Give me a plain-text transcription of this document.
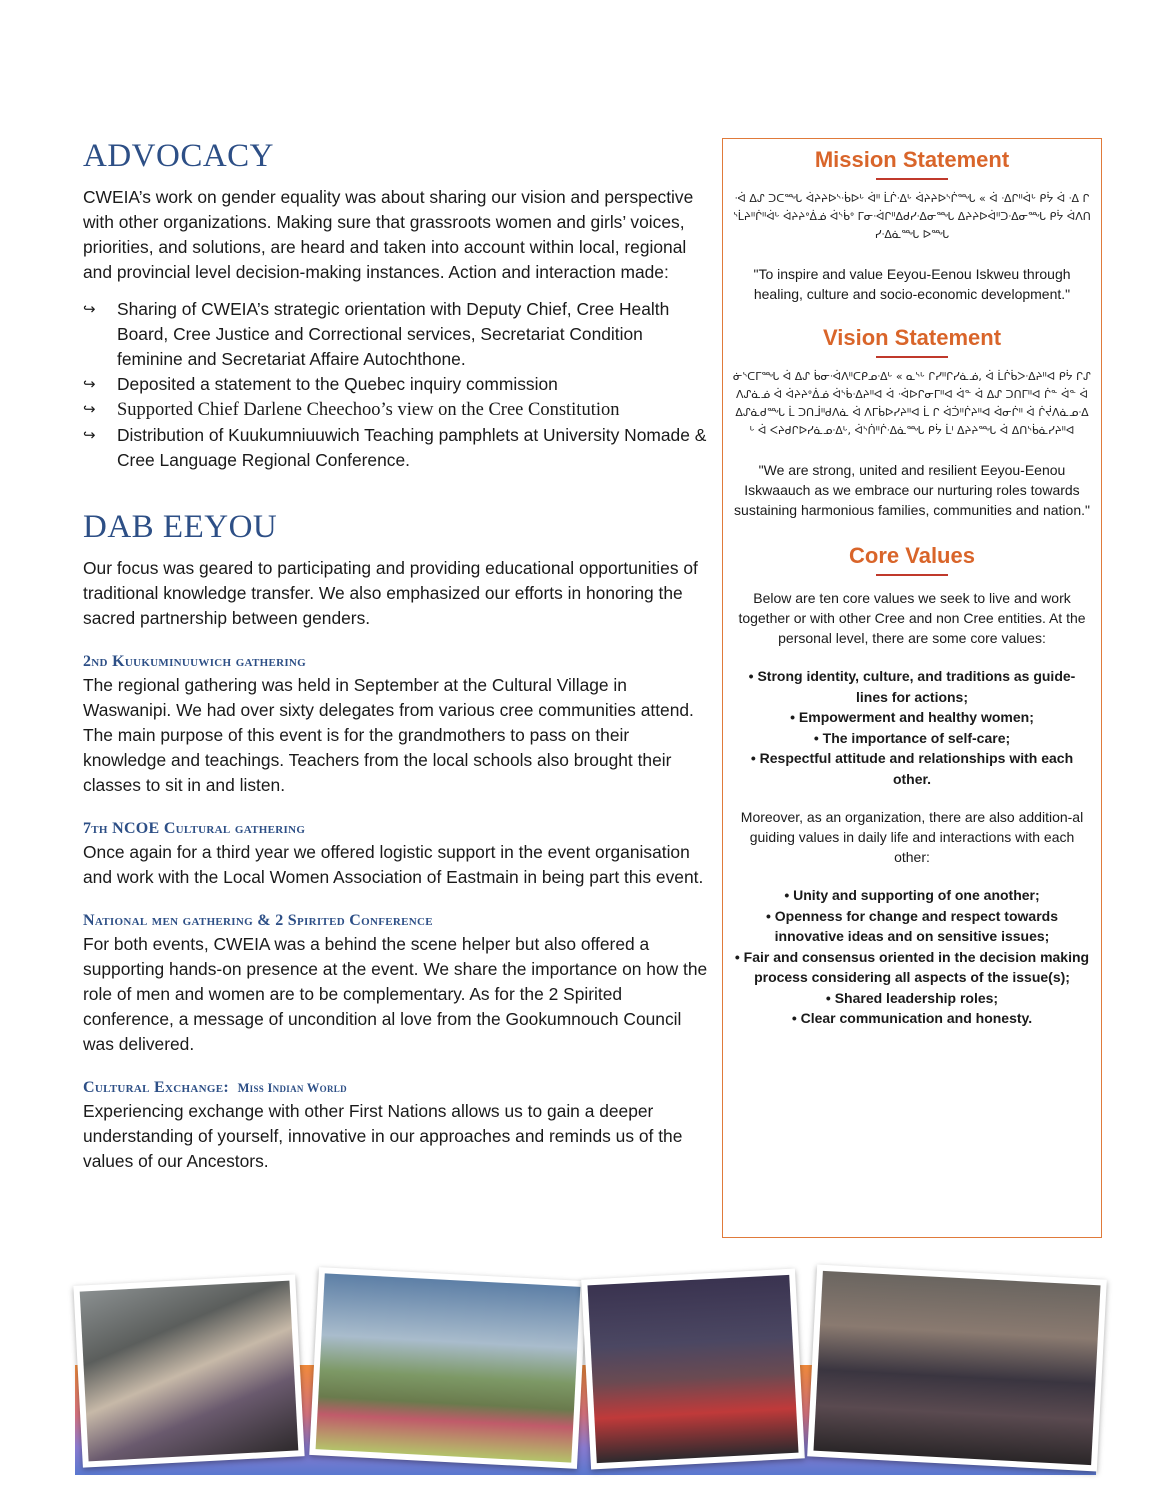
ADVOCACY

CWEIA’s work on gender equality was about sharing our vision and perspective with other organizations. Making sure that grassroots women and girls’ voices, priorities, and solutions, are heard and taken into account within local, regional and provincial level decision-making instances. Action and interaction made:

↪ Sharing of CWEIA’s strategic orientation with Deputy Chief, Cree Health Board, Cree Justice and Correctional services, Secretariat Condition feminine and Secretariat Affaire Autochthone.
↪ Deposited a statement to the Quebec inquiry commission
↪ Supported Chief Darlene Cheechoo’s view on the Cree Constitution
↪ Distribution of Kuukumniuuwich Teaching pamphlets at University Nomade & Cree Language Regional Conference.
DAB EEYOU

Our focus was geared to participating and providing educational opportunities of traditional knowledge transfer. We also emphasized our efforts in honoring the sacred partnership between genders.

2nd Kuukuminuuwich gathering

The regional gathering was held in September at the Cultural Village in Waswanipi. We had over sixty delegates from various cree communities attend. The main purpose of this event is for the grandmothers to pass on their knowledge and teachings. Teachers from the local schools also brought their classes to sit in and listen.

7th NCOE Cultural gathering

Once again for a third year we offered logistic support in the event organisation and work with the Local Women Association of Eastmain in being part this event.

National men gathering & 2 Spirited Conference

For both events, CWEIA was a behind the scene helper but also offered a supporting hands-on presence at the event. We share the importance on how the role of men and women are to be complementary. As for the 2 Spirited conference, a message of uncondition al love from the Gookumnouch Council was delivered.

Cultural Exchange: Miss Indian World

Experiencing exchange with other First Nations allows us to gain a deeper understanding of yourself, innovative in our approaches and reminds us of the values of our Ancestors.

Mission Statement

ᐧᐋ ᐃᔑ ᑐᑕᙵ ᐋᔨᔨᐅᔅᐧᑳᐅᒡ ᐋᐦ ᒫᒌᐧᐃᒡ ᐋᔨᔨᐅᔅᒌᙵ « ᐋ ᐧᐃᒋᐦᐋᒡ ᑭᔮ ᐋ ᐧᐃ ᒋᔅᒫᔨᐦᒌᐦᐋᒡ ᐋᔨᔨᐤᐄᓅ ᐋᔅᑳᐤ ᒥᓂᐧᐋᒋᐦᐃᑯᓯᐧᐃᓂᙵ ᐃᔨᔨᐅᐋᐦᑐᐧᐃᓂᙵ ᑭᔮ ᐋᐱᑎᓯᐧᐃᓈᙵ ᐅᙵ

"To inspire and value Eeyou-Eenou Iskweu through healing, culture and socio-economic development."

Vision Statement

ᓃᔅᑕᒥᙵ ᐋ ᐃᔑ ᑳᓂᐧᐋᐱᐦᑕᑭᓄᐧᐃᒡ « ᓇᔅᒡ ᒋᓯᐦᒋᓯᓈᓅ, ᐋ ᒫᒌᑳᐳᐧᐃᔨᐦᐊ ᑭᔮ ᒋᔑᐱᔑᓈᓅ ᐋ ᐋᔨᔨᐤᐄᓅ ᐋᔅᑳᐧᐃᔨᐦᐊ ᐋ ᐧᐋᐅᒋᓂᒥᐦᐊ ᐋᓐ ᐋ ᐃᔑ ᑐᑎᒥᐦᐊ ᒌᓐ ᐋᓐ ᐋ ᐃᔑᓈᑯᙵ ᒫ ᑐᑎᒨᐦᑯᐱᓈ ᐋ ᐱᒥᑳᐅᓯᔨᐦᐊ ᒫ ᒋ ᐋᑑᐦᒌᔨᐦᐊ ᐋᓂᒌᐦ ᐋ ᒌᔫᐱᓈᓄᐧᐃᒡ ᐋ ᐸᔨᑯᒋᐅᓯᓈᓄᐧᐃᒡ, ᐋᔅᑏᐦᒌᐧᐃᓈᙵ ᑭᔮ ᒫᑊ ᐃᔨᔨᙵ ᐋ ᐃᑎᔅᑳᓈᓯᔨᐦᐊ

"We are strong, united and resilient Eeyou-Eenou Iskwaauch as we embrace our nurturing roles towards sustaining harmonious families, communities and nation."

Core Values

Below are ten core values we seek to live and work together or with other Cree and non Cree entities. At the personal level, there are some core values:

• Strong identity, culture, and traditions as guide-lines for actions;

• Empowerment and healthy women;

• The importance of self-care;

• Respectful attitude and relationships with each other.

Moreover, as an organization, there are also addition-al guiding values in daily life and interactions with each other:

• Unity and supporting of one another;

• Openness for change and respect towards innovative ideas and on sensitive issues;

• Fair and consensus oriented in the decision making process considering all aspects of the issue(s);

• Shared leadership roles;

• Clear communication and honesty.
